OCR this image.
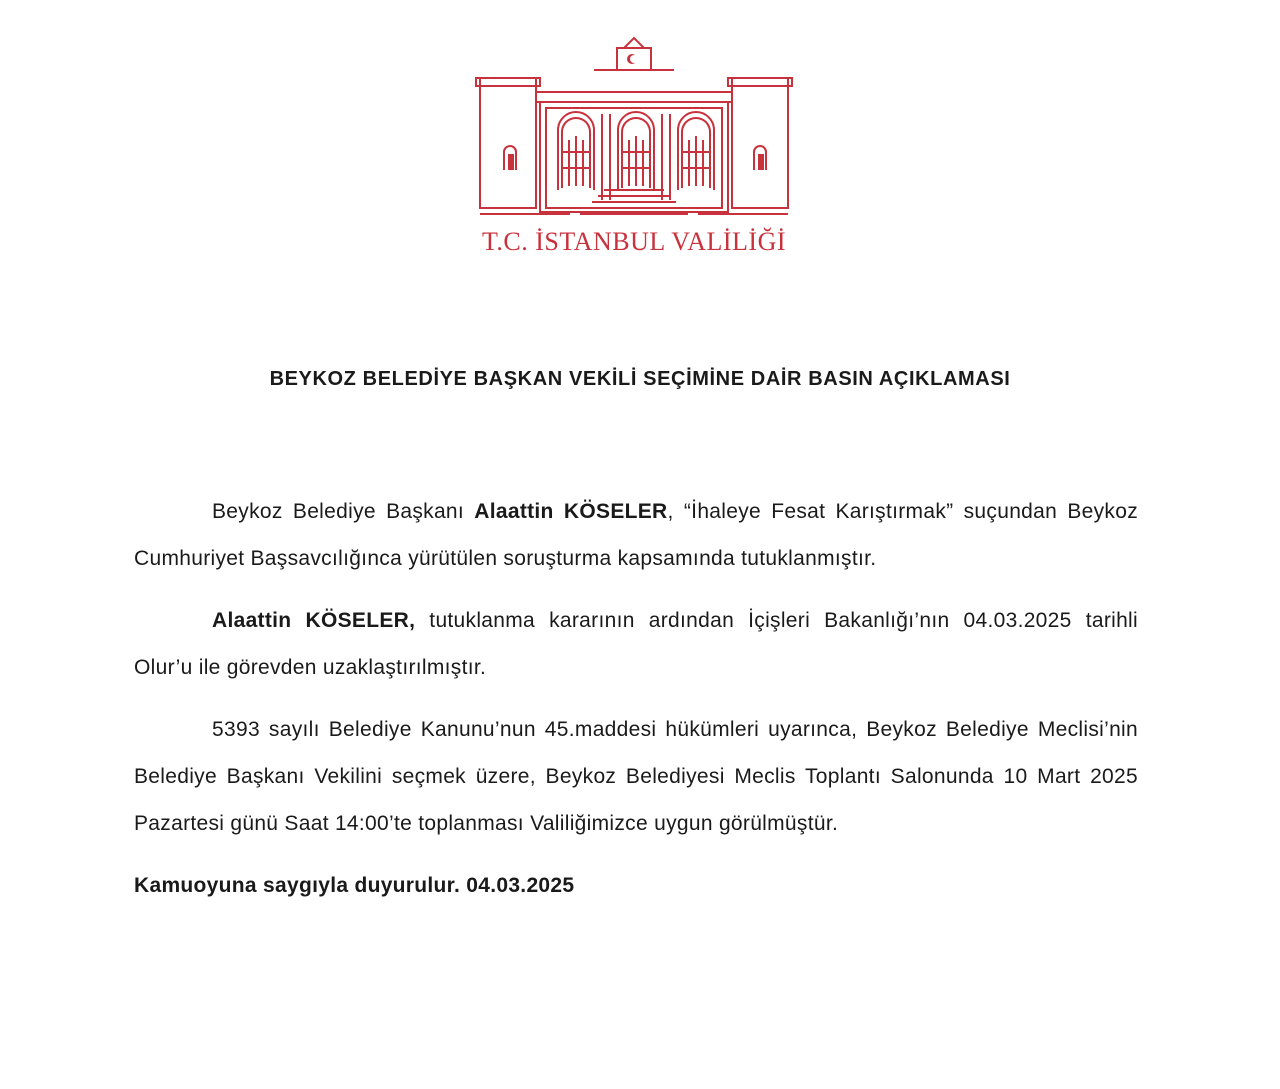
T.C. İSTANBUL VALİLİĞİ
BEYKOZ BELEDİYE BAŞKAN VEKİLİ SEÇİMİNE DAİR BASIN AÇIKLAMASI

Beykoz Belediye Başkanı Alaattin KÖSELER, “İhaleye Fesat Karıştırmak” suçundan Beykoz Cumhuriyet Başsavcılığınca yürütülen soruşturma kapsamında tutuklanmıştır.

Alaattin KÖSELER, tutuklanma kararının ardından İçişleri Bakanlığı’nın 04.03.2025 tarihli Olur’u ile görevden uzaklaştırılmıştır.

5393 sayılı Belediye Kanunu’nun 45.maddesi hükümleri uyarınca, Beykoz Belediye Meclisi’nin Belediye Başkanı Vekilini seçmek üzere, Beykoz Belediyesi Meclis Toplantı Salonunda 10 Mart 2025 Pazartesi günü Saat 14:00’te toplanması Valiliğimizce uygun görülmüştür.

Kamuoyuna saygıyla duyurulur. 04.03.2025
